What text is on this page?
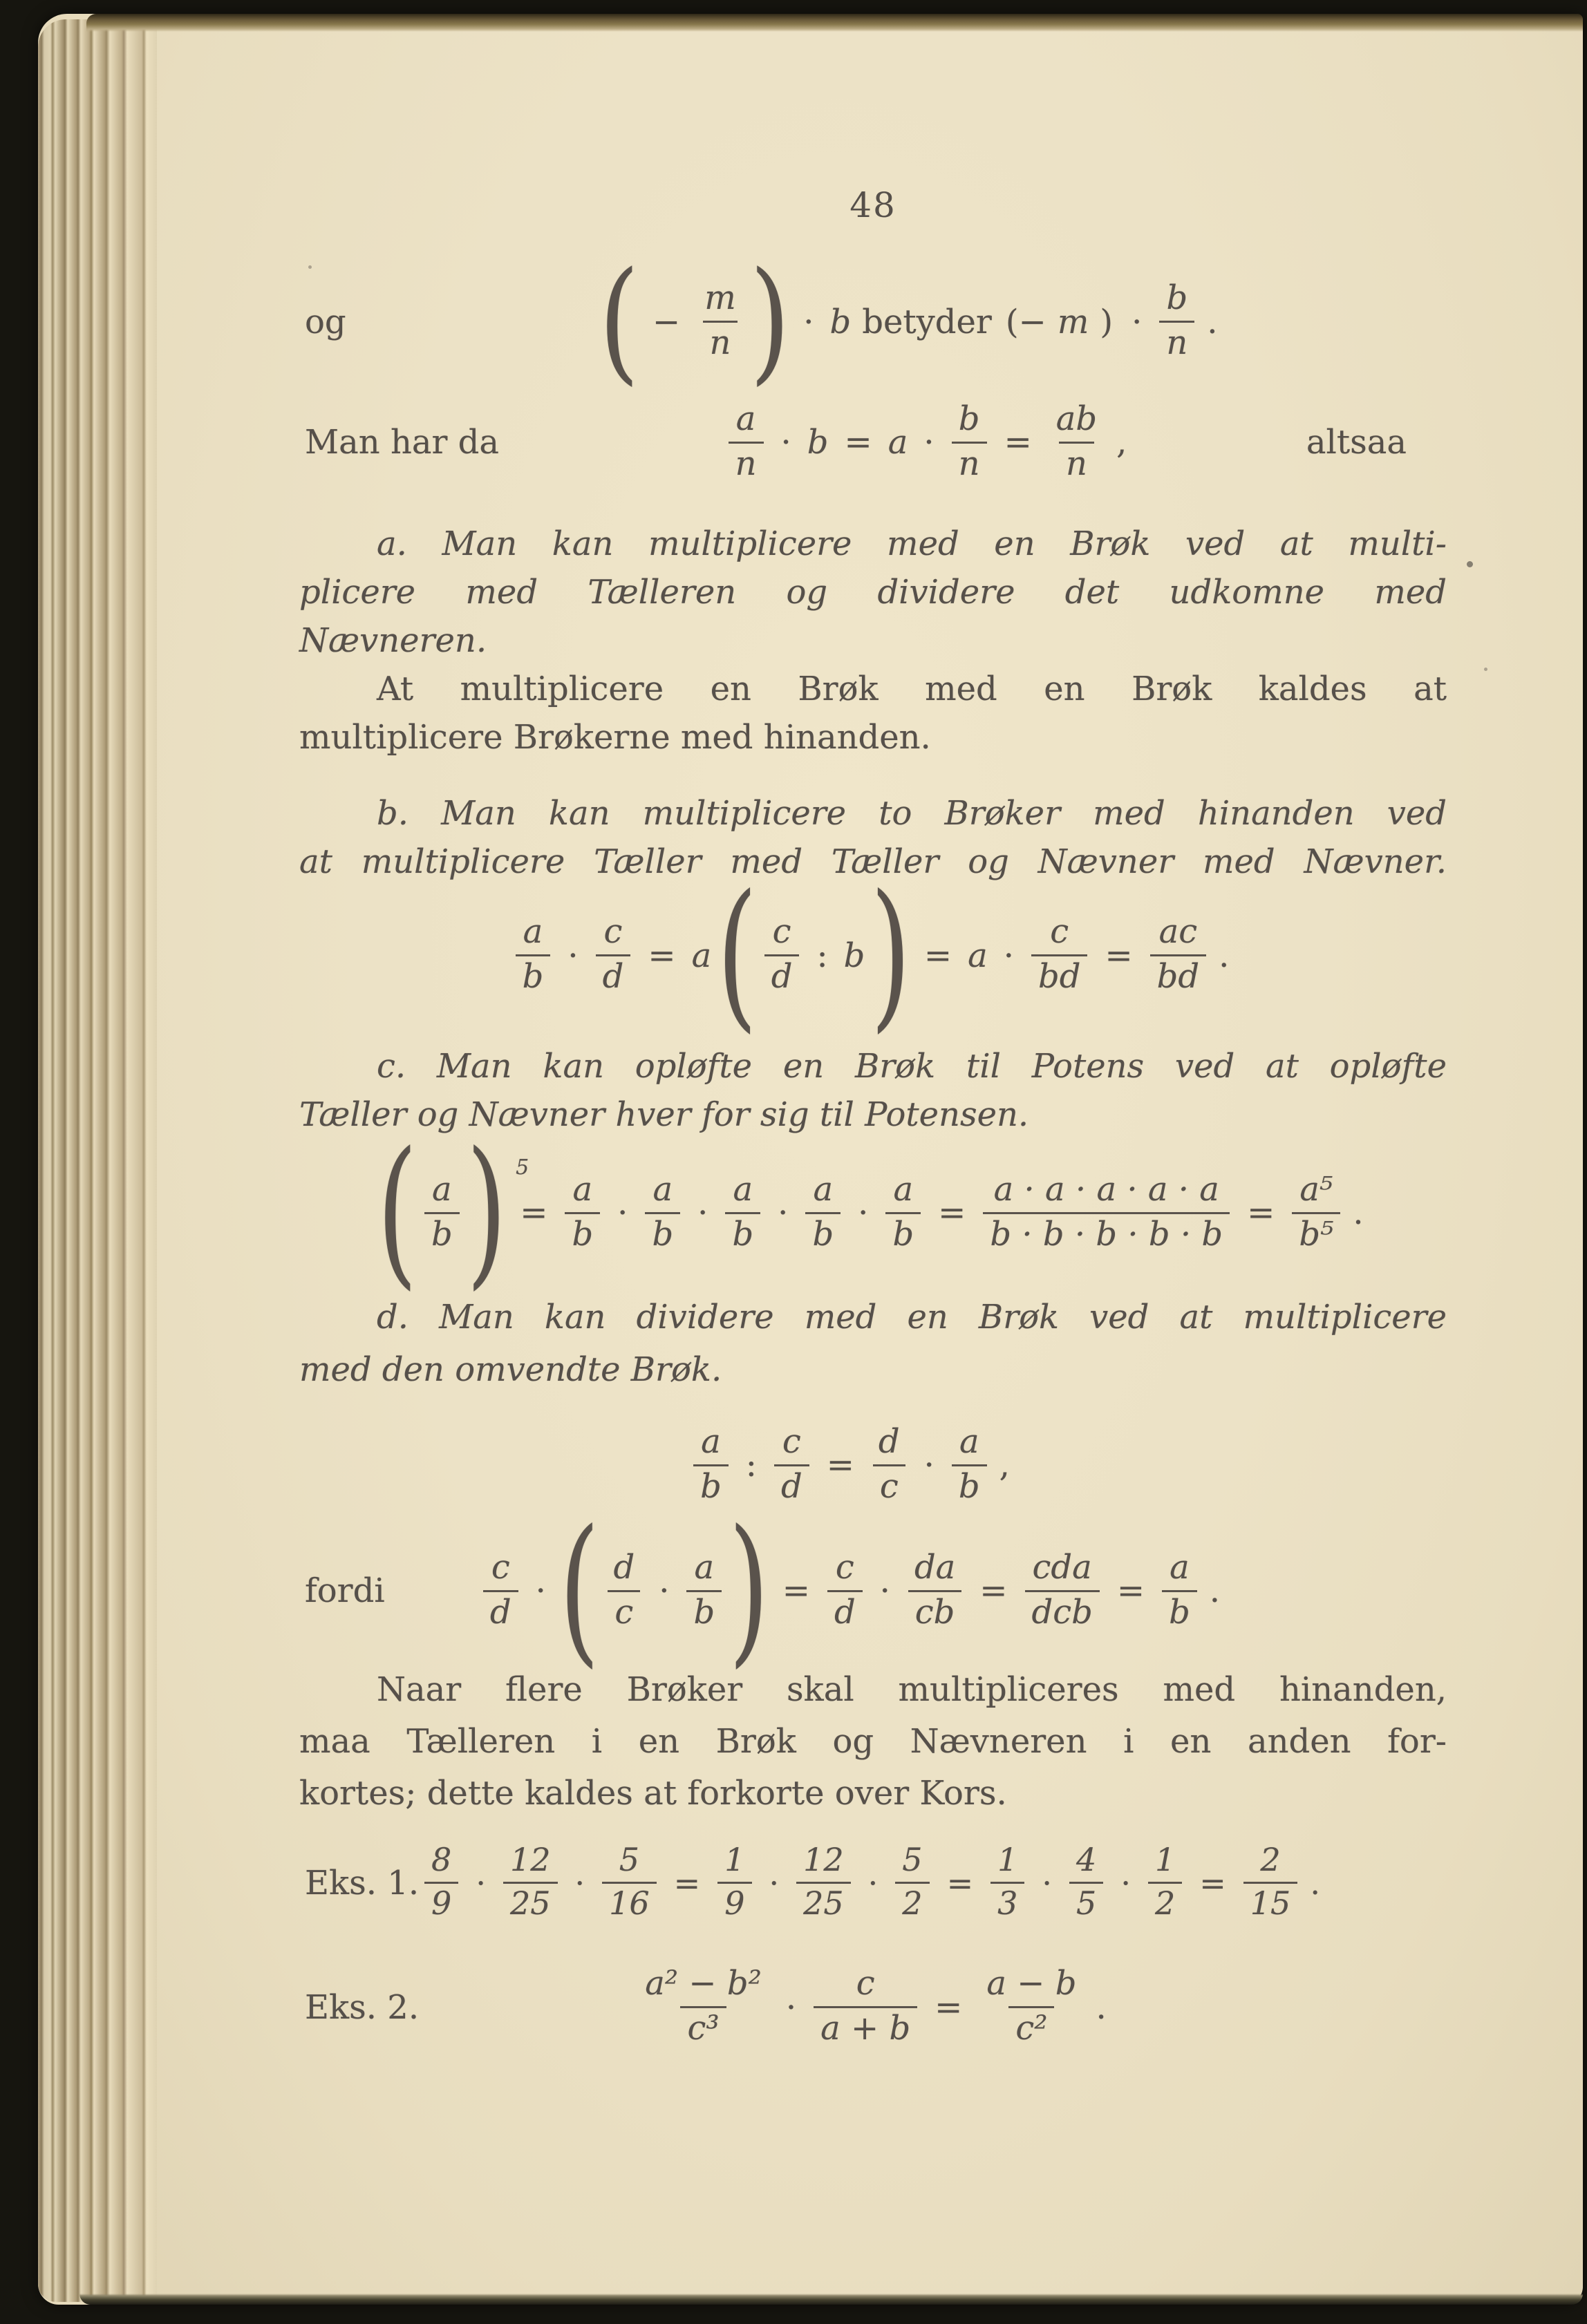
48
og ( − $\frac{m}{n}$ ) · b betyder (− m ) · $\frac{b}{n}$ .
Man har da	$\frac{a}{n} \cdot b = a \cdot \frac{b}{n} = \frac{ab}{n}$ ,	altsaa
a. Man kan multiplicere med en Brøk ved at multi-
plicere med Tælleren og dividere det udkomne med
Nævneren.
At multiplicere en Brøk med en Brøk kaldes at
multiplicere Brøkerne med hinanden.
b. Man kan multiplicere to Brøker med hinanden ved
at multiplicere Tæller med Tæller og Nævner med Nævner.
$\frac{a}{b} \cdot \frac{c}{d} = a$ ( $\frac{c}{d}$ : b ) = $a \cdot \frac{c}{bd} = \frac{ac}{bd}$ .
c. Man kan opløfte en Brøk til Potens ved at opløfte
Tæller og Nævner hver for sig til Potensen.
( $\frac{a}{b}$ ) 5
= $\frac{a}{b} \cdot \frac{a}{b} \cdot \frac{a}{b} \cdot \frac{a}{b} \cdot \frac{a}{b} = \frac{a \cdot a \cdot a \cdot a \cdot a}{b \cdot b \cdot b \cdot b \cdot b} = \frac{\text{a⁵}}{\text{b⁵}}$ .
d. Man kan dividere med en Brøk ved at multiplicere
med den omvendte Brøk.
$\frac{a}{b}$ : $\frac{c}{d} = \frac{d}{c} \cdot \frac{a}{b}$ ,
fordi	$\frac{c}{d}$ · ( $\frac{d}{c} \cdot \frac{a}{b}$ ) = $\frac{c}{d} \cdot \frac{da}{cb} = \frac{\text{cda}}{\text{dcb}} = \frac{a}{b}$ .
Naar flere Brøker skal multipliceres med hinanden,
maa Tælleren i en Brøk og Nævneren i en anden for-
kortes; dette kaldes at forkorte over Kors.
Eks. 1. $\frac{8}{9} \cdot \frac{12}{25} \cdot \frac{5}{16} = \frac{1}{9} \cdot \frac{12}{25} \cdot \frac{5}{2} = \frac{1}{3} \cdot \frac{4}{5} \cdot \frac{1}{2} = \frac{2}{15}$ .
Eks. 2.	$\frac{\text{a² − b²}}{\text{c³}} \cdot \frac{c}{a + b} = \frac{a - b}{\text{c²}}$ .
